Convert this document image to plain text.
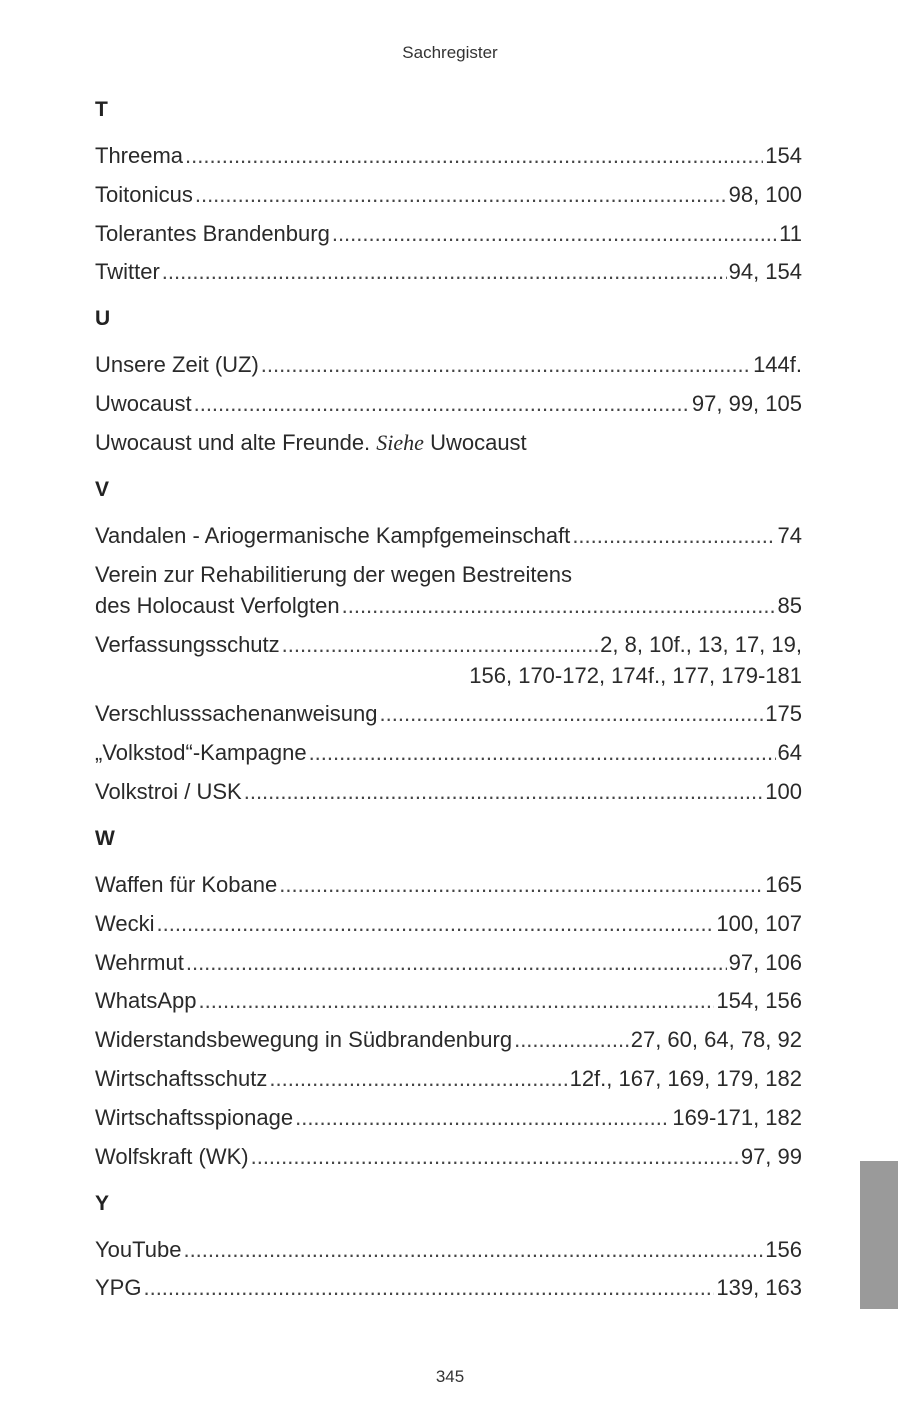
Sachregister
T
Threema .....	154
Toitonicus .....	98, 100
Tolerantes Brandenburg .....	11
Twitter .....	94, 154
U
Unsere Zeit (UZ) .....	144f.
Uwocaust .....	97, 99, 105
Uwocaust und alte Freunde.
Siehe
Uwocaust
V
Vandalen - Ariogermanische Kampfgemeinschaft .....	74
Verein zur Rehabilitierung der wegen Bestreitens
des Holocaust Verfolgten .....	85
Verfassungsschutz .....	2, 8, 10f., 13, 17, 19,
156, 170-172, 174f., 177, 179-181
Verschlusssachenanweisung .....	175
„Volkstod“-Kampagne .....	64
Volkstroi / USK .....	100
W
Waffen für Kobane .....	165
Wecki .....	100, 107
Wehrmut .....	97, 106
WhatsApp .....	154, 156
Widerstandsbewegung in Südbrandenburg .....	27, 60, 64, 78, 92
Wirtschaftsschutz .....	12f., 167, 169, 179, 182
Wirtschaftsspionage .....	169-171, 182
Wolfskraft (WK) .....	97, 99
Y
YouTube .....	156
YPG .....	139, 163
345
